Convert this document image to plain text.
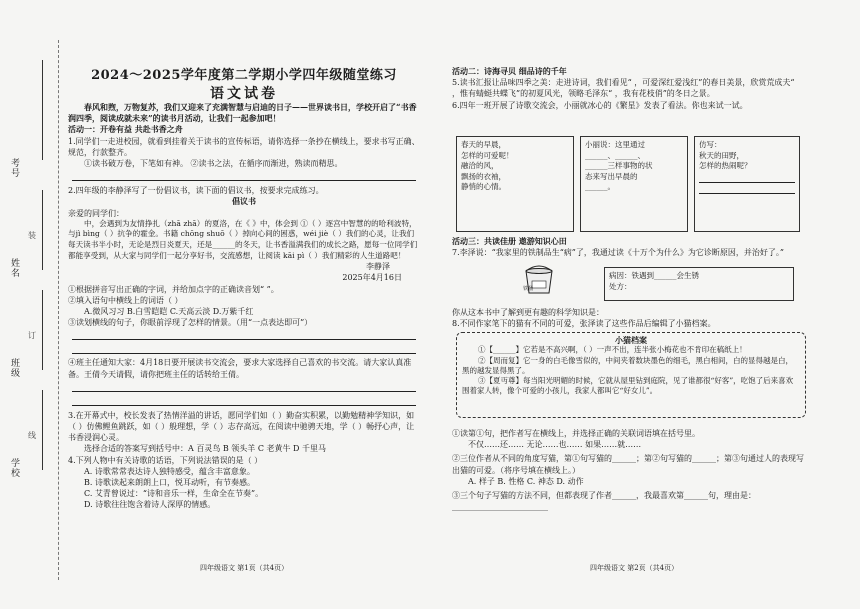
考号
姓名
班级
学校
装
订
线
2024～2025学年度第二学期小学四年级随堂练习
语文试卷

春风和煦，万物复苏，我们又迎来了充满智慧与启迪的日子——世界读书日，学校开启了“书香润四季，阅读成就未来”的读书月活动，让我们一起参加吧！

活动一：开卷有益 共赴书香之舟

1.同学们一走进校园，就看到挂着关于读书的宣传标语，请你选择一条抄在横线上，要求书写正确、规范，行款整齐。

①读书破万卷，下笔如有神。 ②读书之法，在循序而渐进，熟读而精思。

2.四年级的李静泽写了一份倡议书，读下面的倡议书，按要求完成练习。

倡议书

亲爱的同学们：

中，会遇到为友情挣扎（zhā zhā）的夏洛，在《 》中，体会到 ①（ ）逐宫中智慧的的哈利波特，与jì bìng（ ）抗争的霍金。书籍 chōng shuō（ ）掉向心间的困惑，wéi jiè（ ）我们的心灵，让我们每天读书半小时，无论是烈日炎夏天，还是______的冬天，让书香溢满我们的成长之路，愿每一位同学们都能享受到，从大家与同学们一起分享好书，交流感想，让阅读 kāi pì（ ）我们精彩的人生道路吧！

李静泽

2025年4月16日

①根据拼音写出正确的字词，并给加点字的正确读音划“ ”。

②填入语句中横线上的词语（ ）

A.微风习习 B.白雪皑皑 C.天高云淡 D.万紫千红

③读划横线的句子，你眼前浮现了怎样的情景。（用“一点表达即可”）

④班主任通知大家：4月18日要开展读书交流会，要求大家选择自己喜欢的书交流。请大家认真准备。王倩今天请假，请你把班主任的话转给王倩。

3.在开幕式中，校长发表了热情洋溢的讲话，愿同学们如（ ）勤奋实积累，以勤勉精神学知识，如（ ）仿佛鲤鱼跳跃，如（ ）般理想，学（ ）志存高远，在阅读中驰骋天地，学（ ）畅抒心声，让书香浸润心灵。

选择合适的答案写到括号中：A 百灵鸟 B 领头羊 C 老黄牛 D 千里马

4.下列人物中有关诗歌的话语，下列说法错误的是（ ）

A. 诗歌常常表达诗人独特感受，蕴含丰富意象。

B. 诗歌读起来朗朗上口，悦耳动听，有节奏感。

C. 艾青曾说过：“诗和音乐一样，生命全在节奏”。

D. 诗歌往往饱含着诗人深厚的情感。

四年级语文 第1页（共4页）

活动二：诗海寻贝 细品诗的千年

5.读书汇报让品味四季之美：走进诗词，我们看见“ ，可爱深红爱浅红”的春日美景，欣赏荒成夫“ ，惟有蜻蜓共蝶飞”的初夏风光，领略毛泽东“ ，我有花枝俏”的冬日之景。

6.四年一班开展了诗歌交流会，小丽就冰心的《繁星》发表了看法。你也来试一试。

春天的早晨，

怎样的可爱呢！

融洽的风，

飘扬的衣袖，

静悄的心情。

小丽说：这里通过

______、______、

______三样事物的状

态来写出早晨的

______。

仿写：

秋天的田野，

怎样的热闹呢？

活动三：共读佳册 遨游知识心田

7.李泽说：“我家里的铁制品生“病”了，我通过读《十万个为什么》为它诊断原因，并治好了。”

铁桶

病因：铁遇到______会生锈

处方：

你从这本书中了解到更有趣的科学知识是：

8.不同作家笔下的猫有不同的可爱，张泽读了这些作品后编辑了小猫档案。

小猫档案

①【______】它若是不高兴啊，（ ）一声不出，连半张小梅花也不肯印在稿纸上！

②【周而复】它一身的白毛像雪似的，中间夹着数块墨色的细毛，黑白相间，白的显得越是白，黑的越发显得黑了。

③【夏丏尊】每当阳光明媚的时候，它就从屋里钻到庭院，见了谁都很“好客”，吃饱了后来喜欢围着家人转，像个可爱的小孩儿，我家人都叫它“好女儿”。

①读第①句，把作者写在横线上，并选择正确的关联词语填在括号里。

不仅……还…… 无论……也…… 如果……就……

②三位作者从不同的角度写猫，第①句写猫的______；第②句写猫的______；第③句通过人的表现写出猫的可爱。（将序号填在横线上。）

A. 样子 B. 性格 C. 神态 D. 动作

③三个句子写猫的方法不同，但都表现了作者______，我最喜欢第______句，理由是：________________________

四年级语文 第2页（共4页）
